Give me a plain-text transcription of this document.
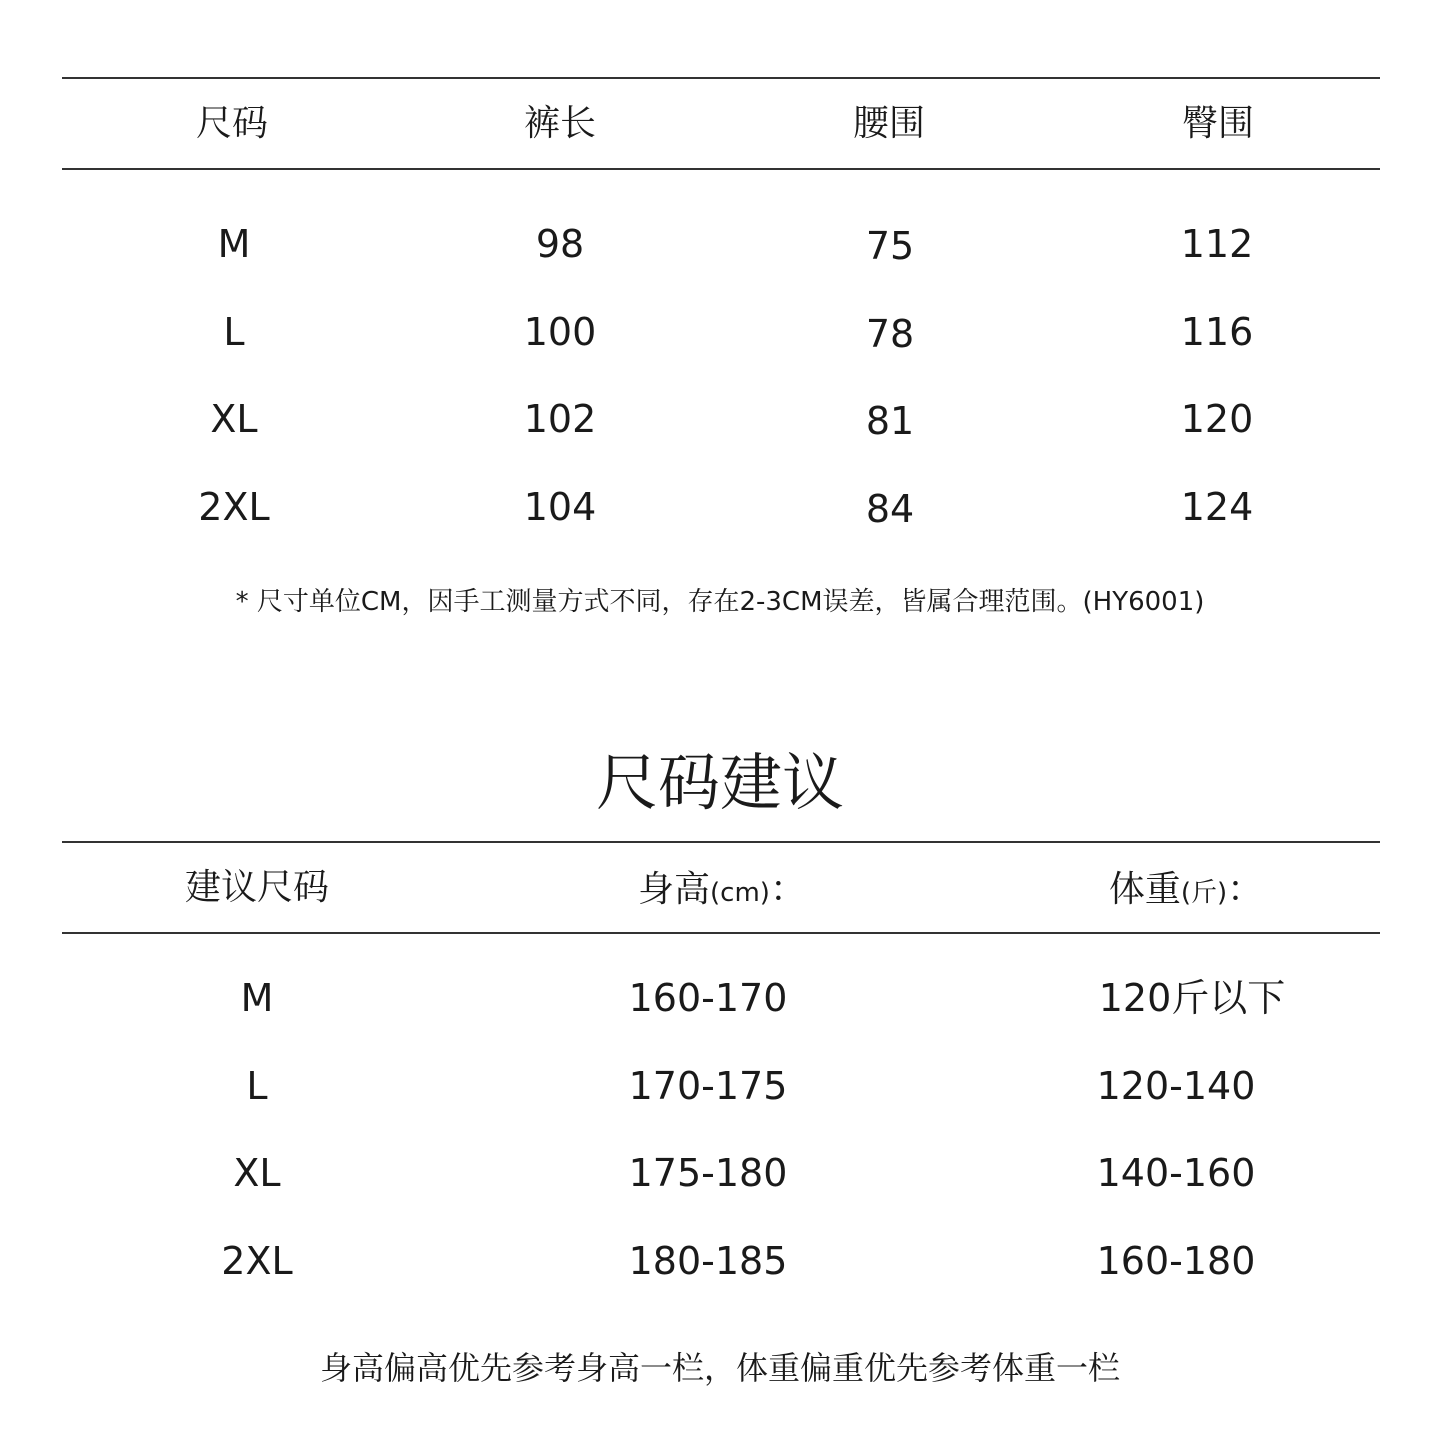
尺码	裤长	腰围	臀围
M	98	75	112
L	100	78	116
XL	102	81	120
2XL	104	84	124
* 尺寸单位CM，因手工测量方式不同，存在2-3CM误差，皆属合理范围。(HY6001)
尺码建议
建议尺码	身高(cm)：	体重(斤)：
M	160-170	120斤以下
L	170-175	120-140
XL	175-180	140-160
2XL	180-185	160-180
身高偏高优先参考身高一栏，体重偏重优先参考体重一栏
